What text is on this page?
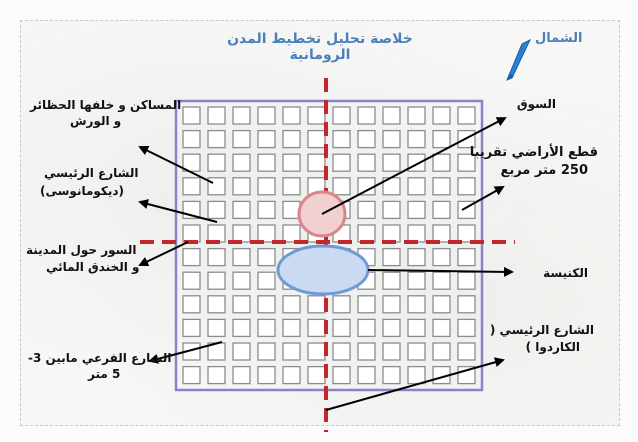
خلاصة تحليل تخطيط المدن الرومانية
الشمال
السوق
قطع الأراضي تقريبا
250 متر مربع
الكنيسة
الشارع الرئيسي (
الكاردوا )
المساكن و خلفها الحظائر
و الورش
الشارع الرئيسي
(ديكومانوسى)
السور حول المدينة
و الخندق المائي
الشارع الفرعي مابين 3-
5 متر
